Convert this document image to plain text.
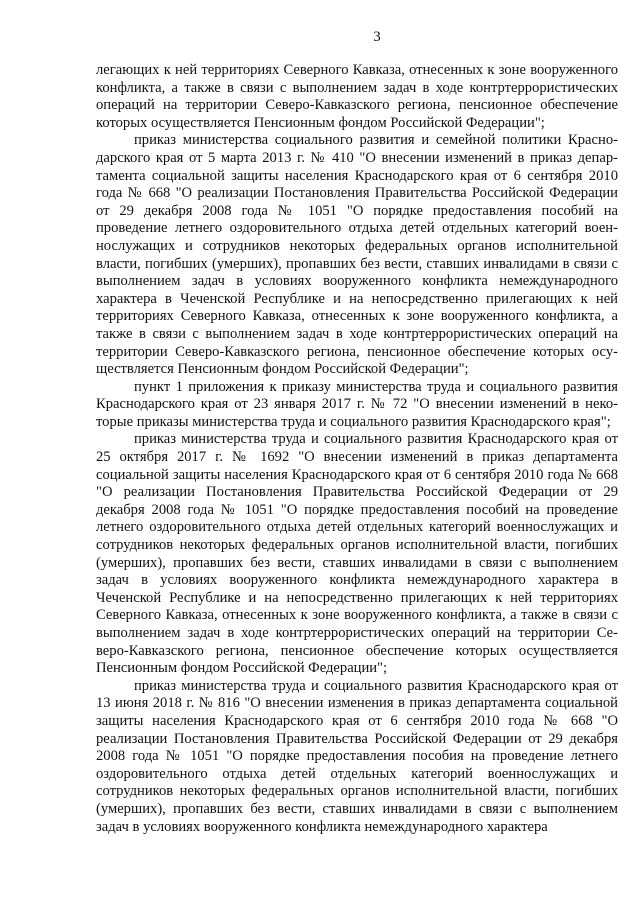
3

легающих к ней территориях Северного Кавказа, отнесенных к зоне вооруженного конфликта, а также в связи с выполнением задач в ходе контртеррористических операций на территории Северо-Кавказского региона, пенсионное обеспечение которых осуществляется Пенсионным фондом Российской Федерации";

приказ министерства социального развития и семейной политики Краснодарского края от 5 марта 2013 г. № 410 "О внесении изменений в приказ департамента социальной защиты населения Краснодарского края от 6 сентября 2010 года № 668 "О реализации Постановления Правительства Российской Федерации от 29 декабря 2008 года № 1051 "О порядке предоставления пособий на проведение летнего оздоровительного отдыха детей отдельных категорий военнослужащих и сотрудников некоторых федеральных органов исполнительной власти, погибших (умерших), пропавших без вести, ставших инвалидами в связи с выполнением задач в условиях вооруженного конфликта немеждународного характера в Чеченской Республике и на непосредственно прилегающих к ней территориях Северного Кавказа, отнесенных к зоне вооруженного конфликта, а также в связи с выполнением задач в ходе контртеррористических операций на территории Северо-Кавказского региона, пенсионное обеспечение которых осуществляется Пенсионным фондом Российской Федерации";

пункт 1 приложения к приказу министерства труда и социального развития Краснодарского края от 23 января 2017 г. № 72 "О внесении изменений в некоторые приказы министерства труда и социального развития Краснодарского края";

приказ министерства труда и социального развития Краснодарского края от 25 октября 2017 г. № 1692 "О внесении изменений в приказ департамента социальной защиты населения Краснодарского края от 6 сентября 2010 года № 668 "О реализации Постановления Правительства Российской Федерации от 29 декабря 2008 года № 1051 "О порядке предоставления пособий на проведение летнего оздоровительного отдыха детей отдельных категорий военнослужащих и сотрудников некоторых федеральных органов исполнительной власти, погибших (умерших), пропавших без вести, ставших инвалидами в связи с выполнением задач в условиях вооруженного конфликта немеждународного характера в Чеченской Республике и на непосредственно прилегающих к ней территориях Северного Кавказа, отнесенных к зоне вооруженного конфликта, а также в связи с выполнением задач в ходе контртеррористических операций на территории Северо-Кавказского региона, пенсионное обеспечение которых осуществляется Пенсионным фондом Российской Федерации";

приказ министерства труда и социального развития Краснодарского края от 13 июня 2018 г. № 816 "О внесении изменения в приказ департамента социальной защиты населения Краснодарского края от 6 сентября 2010 года № 668 "О реализации Постановления Правительства Российской Федерации от 29 декабря 2008 года № 1051 "О порядке предоставления пособия на проведение летнего оздоровительного отдыха детей отдельных категорий военнослужащих и сотрудников некоторых федеральных органов исполнительной власти, погибших (умерших), пропавших без вести, ставших инвалидами в связи с выполнением задач в условиях вооруженного конфликта немеждународного характера
